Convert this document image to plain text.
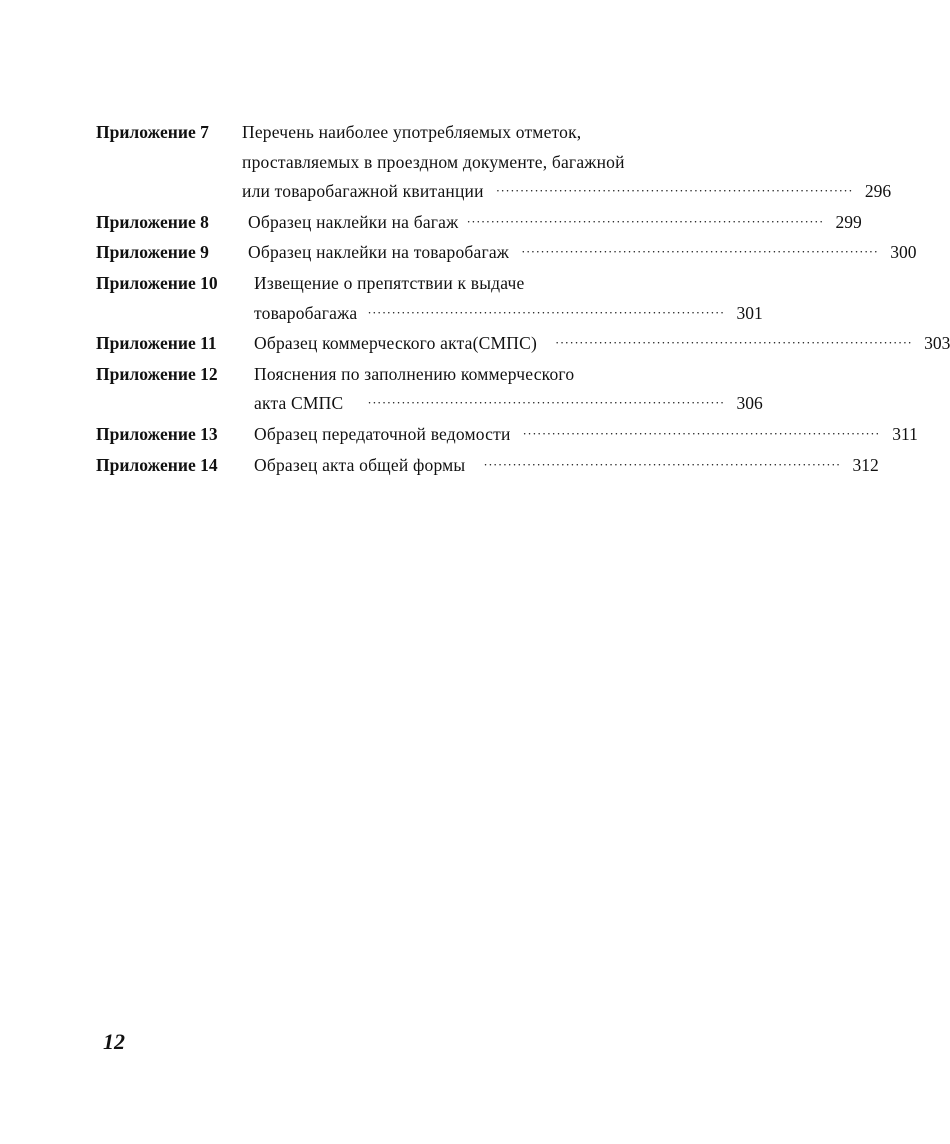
Приложение 7	Перечень наиболее употребляемых отметок,
проставляемых в проездном документе, багажной
или товаробагажной квитанции ·········································································· 296
Приложение 8	Образец наклейки на багаж ·········································································· 299
Приложение 9	Образец наклейки на товаробагаж ·········································································· 300
Приложение 10	Извещение о препятствии к выдаче
товаробагажа ·········································································· 301
Приложение 11	Образец коммерческого акта(СМПС) ·········································································· 303
Приложение 12	Пояснения по заполнению коммерческого
акта СМПС ·········································································· 306
Приложение 13	Образец передаточной ведомости ·········································································· 311
Приложение 14	Образец акта общей формы ·········································································· 312
12
